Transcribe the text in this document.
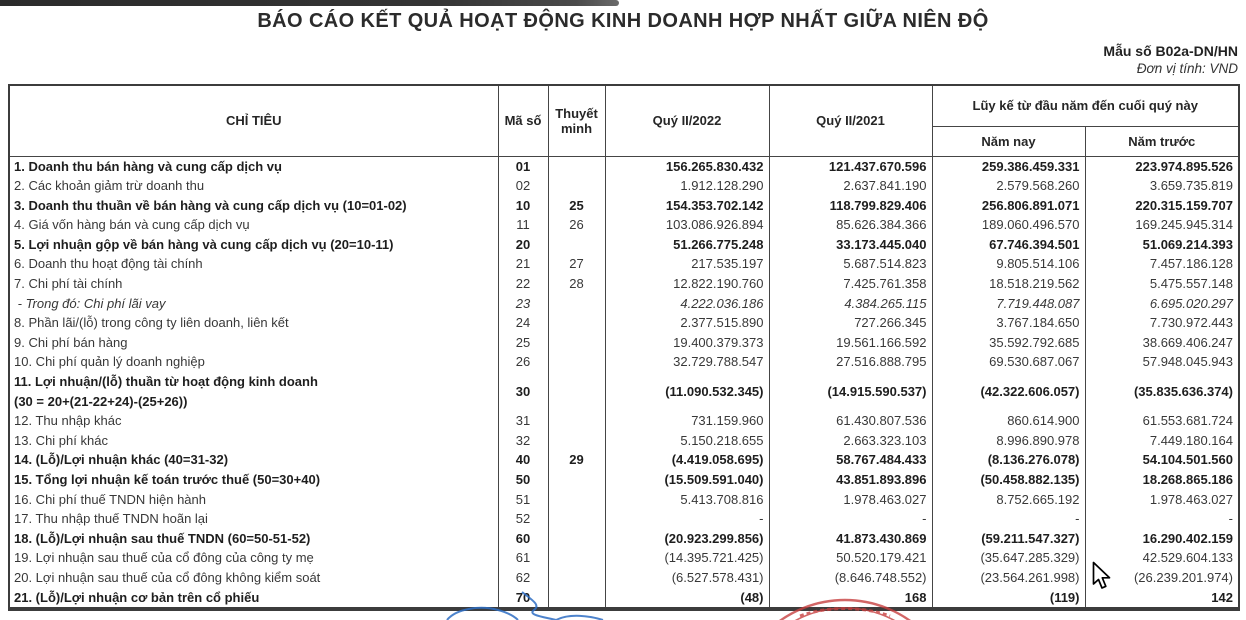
BÁO CÁO KẾT QUẢ HOẠT ĐỘNG KINH DOANH HỢP NHẤT GIỮA NIÊN ĐỘ
Mẫu số B02a-DN/HN
Đơn vị tính: VND
CHỈ TIÊU	Mã số	Thuyết minh	Quý II/2022	Quý II/2021	Lũy kế từ đầu năm đến cuối quý này	
					Năm nay	Năm trước
1. Doanh thu bán hàng và cung cấp dịch vụ	01		156.265.830.432	121.437.670.596	259.386.459.331	223.974.895.526
2. Các khoản giảm trừ doanh thu	02		1.912.128.290	2.637.841.190	2.579.568.260	3.659.735.819
3. Doanh thu thuần về bán hàng và cung cấp dịch vụ (10=01-02)	10	25	154.353.702.142	118.799.829.406	256.806.891.071	220.315.159.707
4. Giá vốn hàng bán và cung cấp dịch vụ	11	26	103.086.926.894	85.626.384.366	189.060.496.570	169.245.945.314
5. Lợi nhuận gộp về bán hàng và cung cấp dịch vụ (20=10-11)	20		51.266.775.248	33.173.445.040	67.746.394.501	51.069.214.393
6. Doanh thu hoạt động tài chính	21	27	217.535.197	5.687.514.823	9.805.514.106	7.457.186.128
7. Chi phí tài chính	22	28	12.822.190.760	7.425.761.358	18.518.219.562	5.475.557.148
- Trong đó: Chi phí lãi vay	23		4.222.036.186	4.384.265.115	7.719.448.087	6.695.020.297
8. Phần lãi/(lỗ) trong công ty liên doanh, liên kết	24		2.377.515.890	727.266.345	3.767.184.650	7.730.972.443
9. Chi phí bán hàng	25		19.400.379.373	19.561.166.592	35.592.792.685	38.669.406.247
10. Chi phí quản lý doanh nghiệp	26		32.729.788.547	27.516.888.795	69.530.687.067	57.948.045.943
11. Lợi nhuận/(lỗ) thuần từ hoạt động kinh doanh
(30 = 20+(21-22+24)-(25+26))	30		(11.090.532.345)	(14.915.590.537)	(42.322.606.057)	(35.835.636.374)
12. Thu nhập khác	31		731.159.960	61.430.807.536	860.614.900	61.553.681.724
13. Chi phí khác	32		5.150.218.655	2.663.323.103	8.996.890.978	7.449.180.164
14. (Lỗ)/Lợi nhuận khác (40=31-32)	40	29	(4.419.058.695)	58.767.484.433	(8.136.276.078)	54.104.501.560
15. Tổng lợi nhuận kế toán trước thuế (50=30+40)	50		(15.509.591.040)	43.851.893.896	(50.458.882.135)	18.268.865.186
16. Chi phí thuế TNDN hiện hành	51		5.413.708.816	1.978.463.027	8.752.665.192	1.978.463.027
17. Thu nhập thuế TNDN hoãn lại	52		-	-	-	-
18. (Lỗ)/Lợi nhuận sau thuế TNDN (60=50-51-52)	60		(20.923.299.856)	41.873.430.869	(59.211.547.327)	16.290.402.159
19. Lợi nhuận sau thuế của cổ đông của công ty mẹ	61		(14.395.721.425)	50.520.179.421	(35.647.285.329)	42.529.604.133
20. Lợi nhuận sau thuế của cổ đông không kiểm soát	62		(6.527.578.431)	(8.646.748.552)	(23.564.261.998)	(26.239.201.974)
21. (Lỗ)/Lợi nhuận cơ bản trên cổ phiếu	70		(48)	168	(119)	142
